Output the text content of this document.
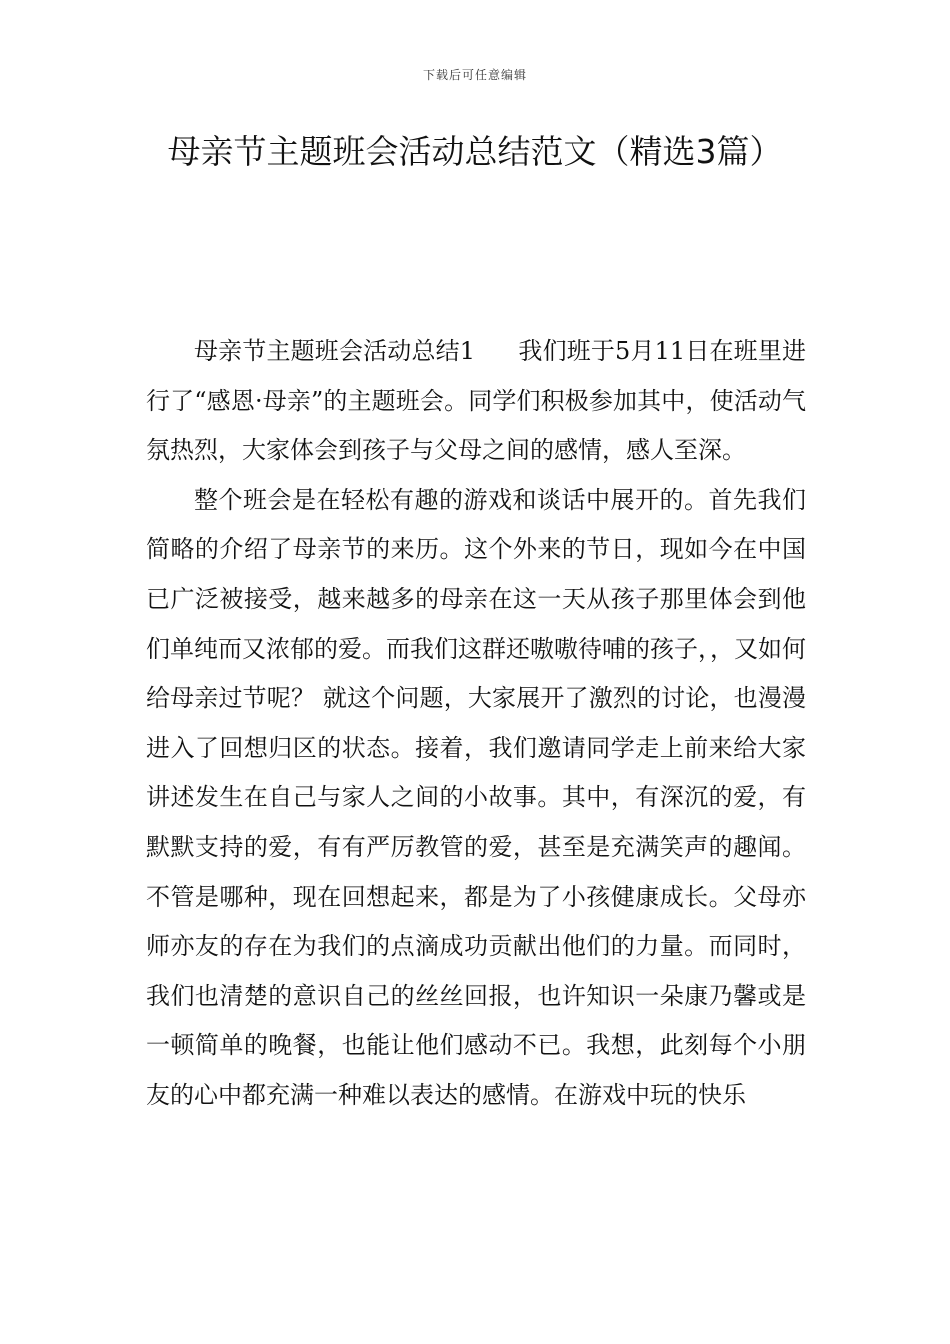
下载后可任意编辑
母亲节主题班会活动总结范文（精选3篇）

母亲节主题班会活动总结1 我们班于5月11日在班里进行了“感恩·母亲”的主题班会。同学们积极参加其中，使活动气氛热烈，大家体会到孩子与父母之间的感情，感人至深。

整个班会是在轻松有趣的游戏和谈话中展开的。首先我们简略的介绍了母亲节的来历。这个外来的节日，现如今在中国已广泛被接受，越来越多的母亲在这一天从孩子那里体会到他们单纯而又浓郁的爱。而我们这群还嗷嗷待哺的孩子，，又如何给母亲过节呢？ 就这个问题，大家展开了激烈的讨论，也漫漫进入了回想归区的状态。接着，我们邀请同学走上前来给大家讲述发生在自己与家人之间的小故事。其中，有深沉的爱，有默默支持的爱，有有严厉教管的爱，甚至是充满笑声的趣闻。不管是哪种，现在回想起来，都是为了小孩健康成长。父母亦师亦友的存在为我们的点滴成功贡献出他们的力量。而同时，我们也清楚的意识自己的丝丝回报，也许知识一朵康乃馨或是一顿简单的晚餐，也能让他们感动不已。我想，此刻每个小朋友的心中都充满一种难以表达的感情。在游戏中玩的快乐
